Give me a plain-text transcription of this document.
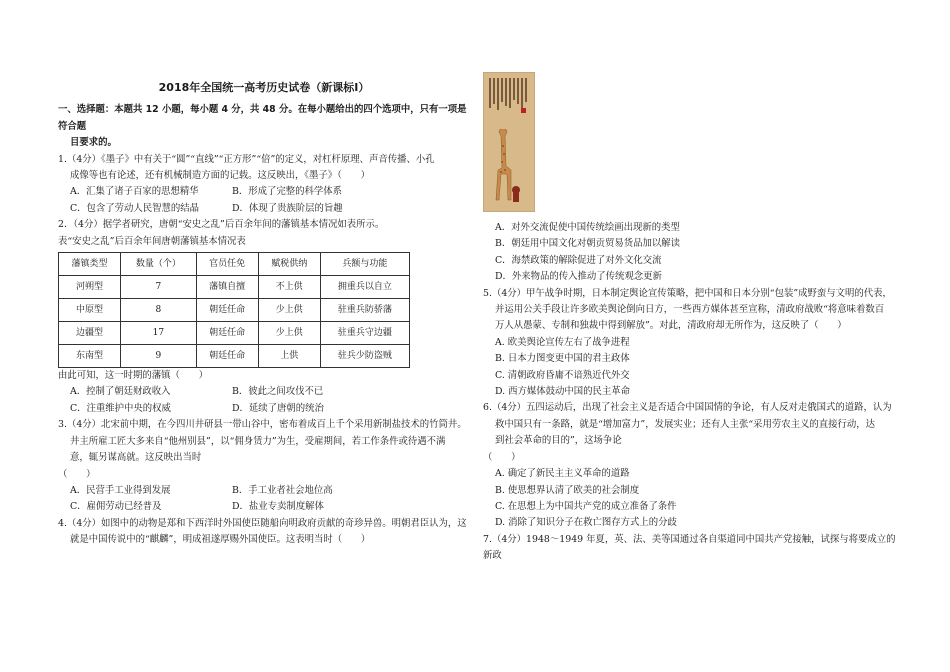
2018年全国统一高考历史试卷（新课标Ⅰ）
一、选择题：本题共 12 小题，每小题 4 分，共 48 分。在每小题给出的四个选项中，只有一项是符合题
目要求的。

1.（4分）《墨子》中有关于“圆”“直线”“正方形”“倍”的定义，对杠杆原理、声音传播、小孔

成像等也有论述，还有机械制造方面的记载。这反映出，《墨子》（　　）

A．汇集了诸子百家的思想精华	B．形成了完整的科学体系

C．包含了劳动人民智慧的结晶	D．体现了贵族阶层的旨趣

2．（4分）据学者研究，唐朝“安史之乱”后百余年间的藩镇基本情况如表所示。

表“安史之乱”后百余年间唐朝藩镇基本情况表

藩镇类型	数量（个）	官员任免	赋税供纳	兵额与功能
河朔型	7	藩镇自擅	不上供	拥重兵以自立
中原型	8	朝廷任命	少上供	驻重兵防骄藩
边疆型	17	朝廷任命	少上供	驻重兵守边疆
东南型	9	朝廷任命	上供	驻兵少防盗贼

由此可知，这一时期的藩镇（　　）

A．控制了朝廷财政收入	B．彼此之间攻伐不已

C．注重维护中央的权威	D．延续了唐朝的统治

3.（4分）北宋前中期，在今四川井研县一带山谷中，密布着成百上千个采用新制盐技术的竹筒井。

井主所雇工匠大多来自“他州别县”，以“佣身赁力”为生，受雇期间，若工作条件或待遇不满

意，辄另谋高就。这反映出当时

（　　）

A．民营手工业得到发展	B．手工业者社会地位高

C．雇佣劳动已经普及	D．盐业专卖制度解体

4.（4分）如图中的动物是郑和下西洋时外国使臣随船向明政府贡献的奇珍异兽。明朝君臣认为，这

就是中国传说中的“麒麟”，明成祖遂厚赐外国使臣。这表明当时（　　）

A．对外交流促使中国传统绘画出现新的类型

B．朝廷用中国文化对朝贡贸易货品加以解读

C．海禁政策的解除促进了对外文化交流

D．外来物品的传入推动了传统观念更新

5.（4分）甲午战争时期，日本制定舆论宣传策略，把中国和日本分别“包装”成野蛮与文明的代表，

并运用公关手段让许多欧美舆论倒向日方，一些西方媒体甚至宣称，清政府战败“将意味着数百

万人从愚蒙、专制和独裁中得到解放”。对此，清政府却无所作为，这反映了（　　）

A. 欧美舆论宣传左右了战争进程

B. 日本力图变更中国的君主政体

C. 清朝政府昏庸不谙熟近代外交

D. 西方媒体鼓动中国的民主革命

6.（4分）五四运动后，出现了社会主义是否适合中国国情的争论，有人反对走俄国式的道路，认为

救中国只有一条路，就是“增加富力”，发展实业；还有人主张“采用劳农主义的直接行动，达

到社会革命的目的”，这场争论

（　　）

A. 确定了新民主主义革命的道路

B. 使思想界认清了欧美的社会制度

C. 在思想上为中国共产党的成立准备了条件

D. 消除了知识分子在救亡图存方式上的分歧

7.（4分）1948～1949 年夏，英、法、美等国通过各自渠道同中国共产党接触，试探与将要成立的新政
